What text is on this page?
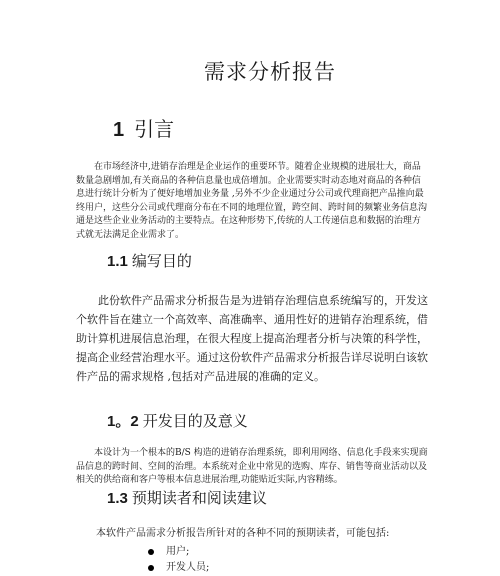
需求分析报告
1 引言

在市场经济中,进销存治理是企业运作的重要环节。随着企业规模的进展壮大，商品数量急剧增加,有关商品的各种信息量也成倍增加。企业需要实时动态地对商品的各种信息进行统计分析为了便好地增加业务量 ,另外不少企业通过分公司或代理商把产品推向最终用户，这些分公司或代理商分布在不同的地理位置，跨空间、跨时间的频繁业务信息沟通是这些企业业务活动的主要特点。在这种形势下,传统的人工传递信息和数据的治理方式就无法满足企业需求了。

1.1 编写目的

此份软件产品需求分析报告是为进销存治理信息系统编写的，开发这个软件旨在建立一个高效率、高准确率、通用性好的进销存治理系统，借助计算机进展信息治理，在很大程度上提高治理者分析与决策的科学性，提高企业经营治理水平。通过这份软件产品需求分析报告详尽说明白该软件产品的需求规格 ,包括对产品进展的准确的定义。

1。2 开发目的及意义

本设计为一个根本的B/S 构造的进销存治理系统，即利用网络、信息化手段来实现商品信息的跨时间、空间的治理。本系统对企业中常见的选购、库存、销售等商业活动以及相关的供给商和客户等根本信息进展治理,功能贴近实际,内容精练。

1.3 预期读者和阅读建议

本软件产品需求分析报告所针对的各种不同的预期读者，可能包括:

用户;
开发人员;
